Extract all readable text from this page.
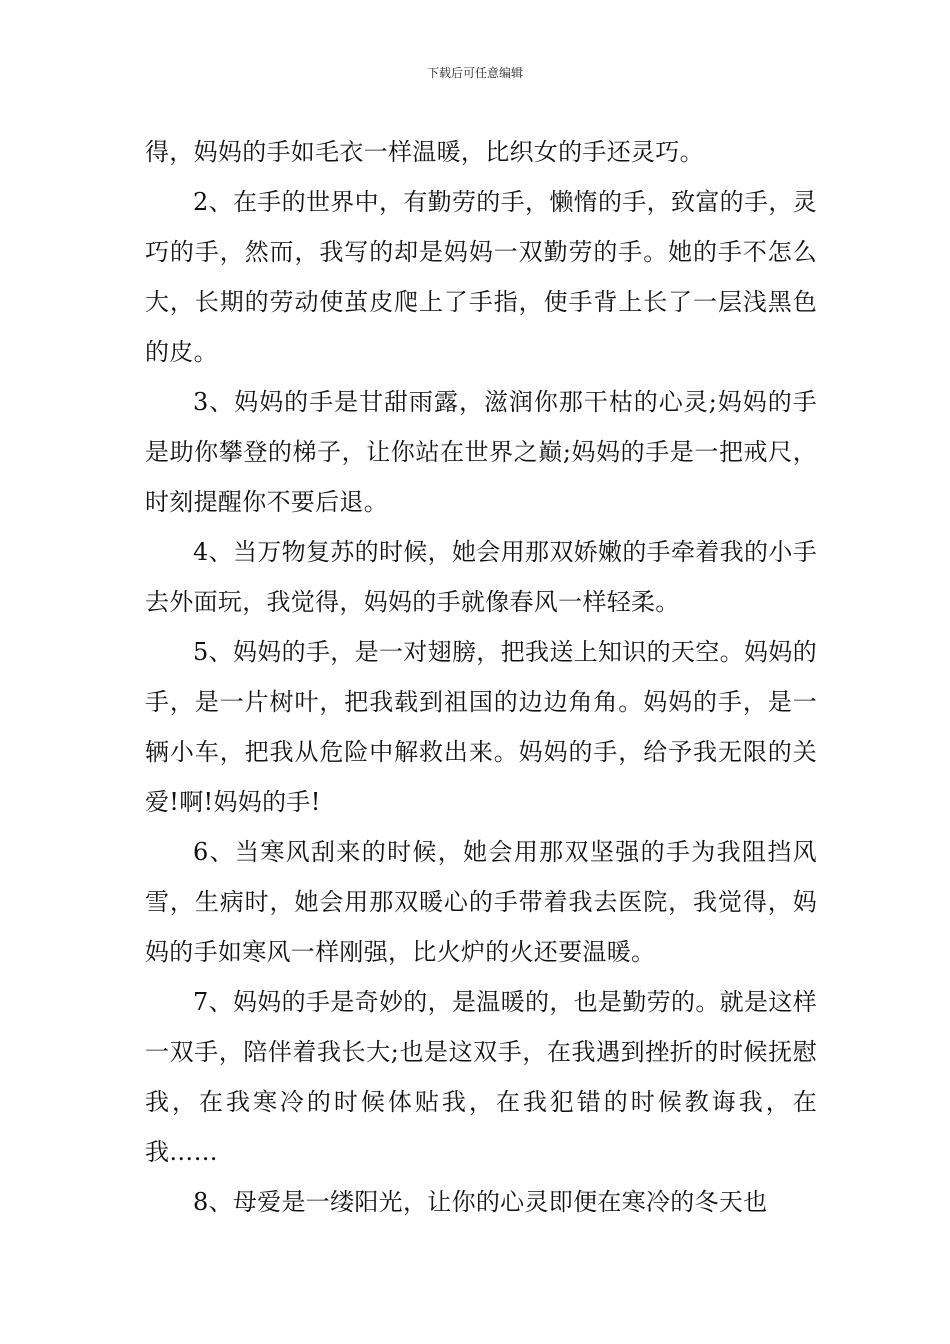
下载后可任意编辑

得，妈妈的手如毛衣一样温暖，比织女的手还灵巧。

2、在手的世界中，有勤劳的手，懒惰的手，致富的手，灵巧的手，然而，我写的却是妈妈一双勤劳的手。她的手不怎么大，长期的劳动使茧皮爬上了手指，使手背上长了一层浅黑色的皮。

3、妈妈的手是甘甜雨露，滋润你那干枯的心灵;妈妈的手是助你攀登的梯子，让你站在世界之巅;妈妈的手是一把戒尺，时刻提醒你不要后退。

4、当万物复苏的时候，她会用那双娇嫩的手牵着我的小手去外面玩，我觉得，妈妈的手就像春风一样轻柔。

5、妈妈的手，是一对翅膀，把我送上知识的天空。妈妈的手，是一片树叶，把我载到祖国的边边角角。妈妈的手，是一辆小车，把我从危险中解救出来。妈妈的手，给予我无限的关爱!啊!妈妈的手!

6、当寒风刮来的时候，她会用那双坚强的手为我阻挡风雪，生病时，她会用那双暖心的手带着我去医院，我觉得，妈妈的手如寒风一样刚强，比火炉的火还要温暖。

7、妈妈的手是奇妙的，是温暖的，也是勤劳的。就是这样一双手，陪伴着我长大;也是这双手，在我遇到挫折的时候抚慰我，在我寒冷的时候体贴我，在我犯错的时候教诲我，在我……

8、母爱是一缕阳光，让你的心灵即便在寒冷的冬天也
